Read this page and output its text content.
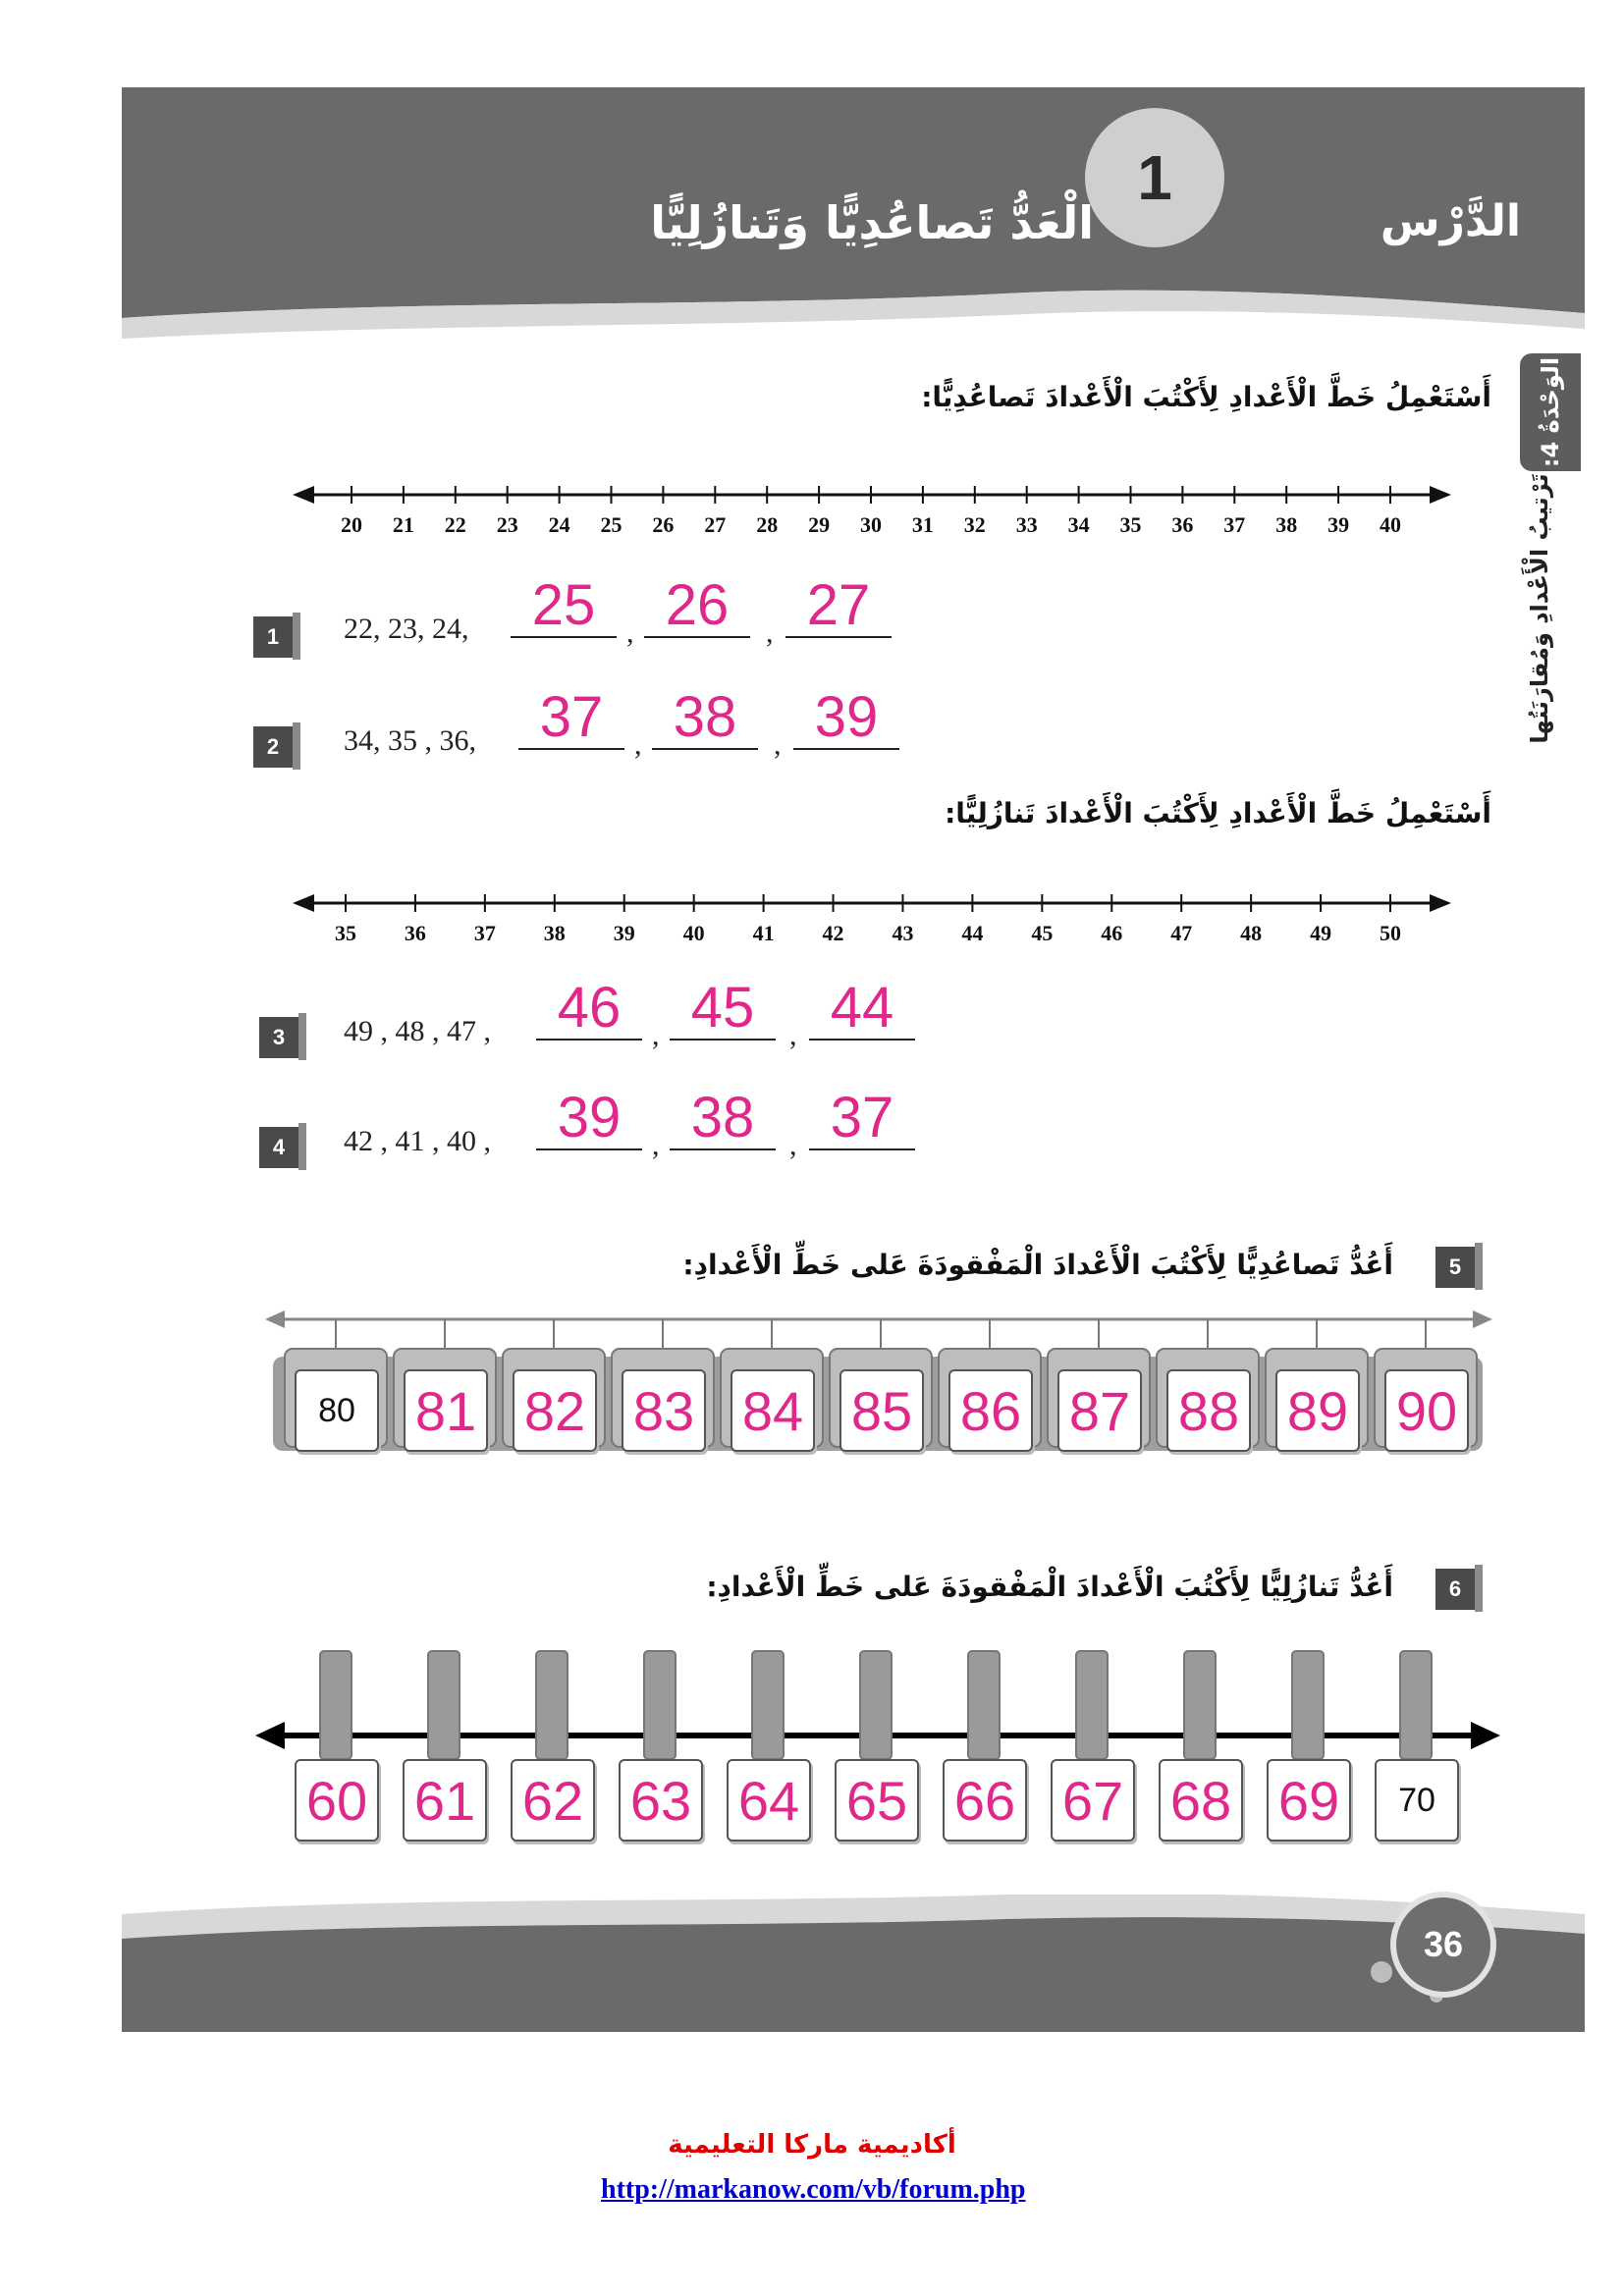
الدَّرْس
1
الْعَدُّ تَصاعُدِيًّا وَتَنازُلِيًّا
الوَحْدَةُ 4:
تَرْتيبُ الْأَعْدادِ وَمُقارَنَتُها
أَسْتَعْمِلُ خَطَّ الْأَعْدادِ لِأَكْتُبَ الْأَعْدادَ تَصاعُدِيًّا:
20 21 22 23 24 25 26 27 28 29 30 31 32 33 34 35 36 37 38 39 40
1	22, 23, 24,	25	, 26	, 27
2	34, 35 , 36,	37	, 38	, 39
أَسْتَعْمِلُ خَطَّ الْأَعْدادِ لِأَكْتُبَ الْأَعْدادَ تَنازُلِيًّا:
35 36 37 38 39 40 41 42 43 44 45 46 47 48 49 50
3	49 , 48 , 47 ,	46	, 45	, 44
4	42 , 41 , 40 ,	39	, 38	, 37
5
أَعُدُّ تَصاعُدِيًّا لِأَكْتُبَ الْأَعْدادَ الْمَفْقودَةَ عَلى خَطِّ الْأَعْدادِ:
80	81 82 83 84 85 86 87 88 89 90
6
أَعُدُّ تَنازُلِيًّا لِأَكْتُبَ الْأَعْدادَ الْمَفْقودَةَ عَلى خَطِّ الْأَعْدادِ:
60 61 62 63 64 65 66 67 68 69	70
36
أكاديمية ماركا التعليمية
http://markanow.com/vb/forum.php
